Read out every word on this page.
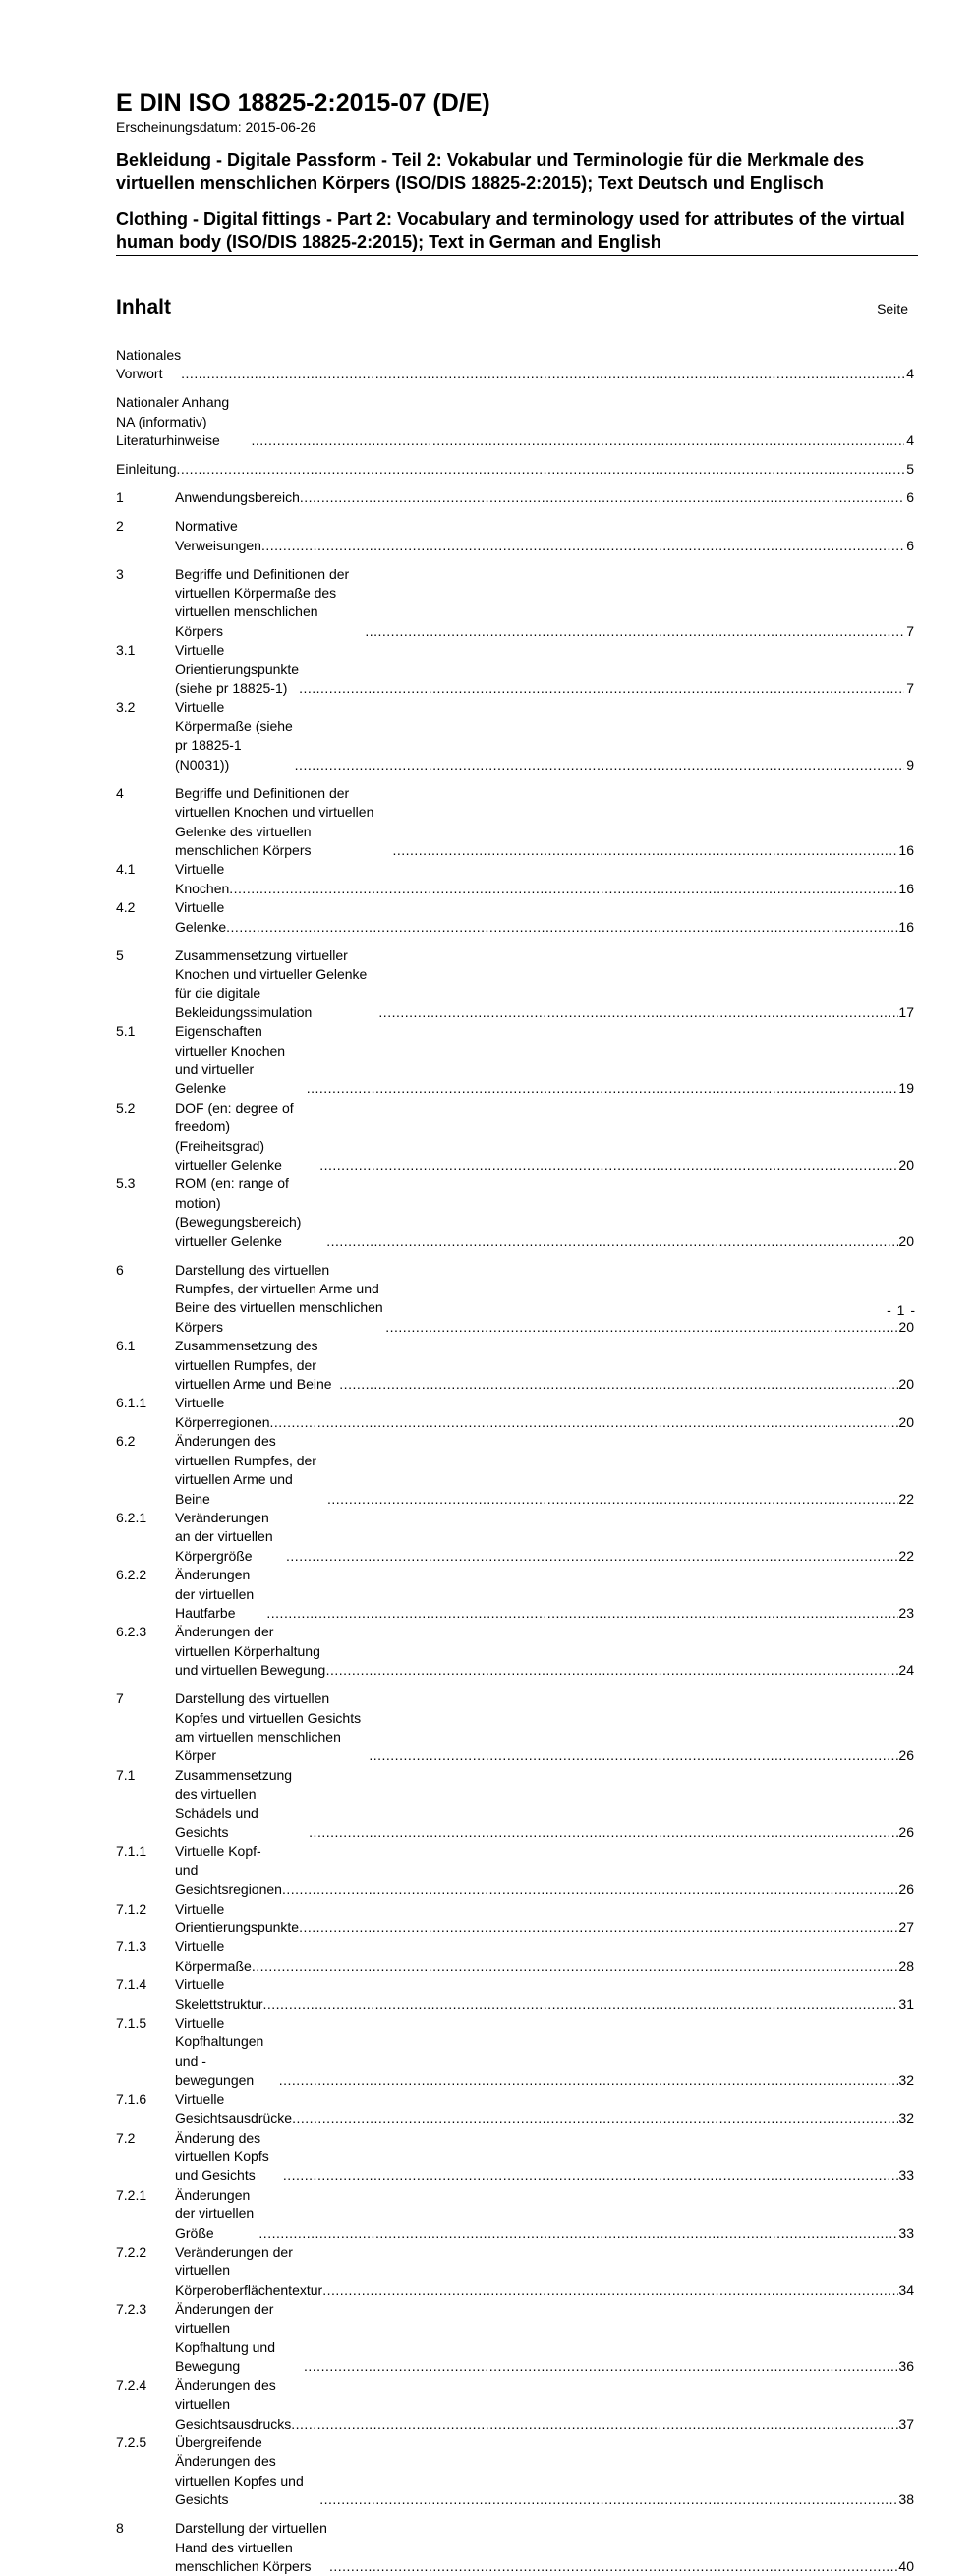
E DIN ISO 18825-2:2015-07 (D/E)

Erscheinungsdatum: 2015-06-26

Bekleidung - Digitale Passform - Teil 2: Vokabular und Terminologie für die Merkmale des virtuellen menschlichen Körpers (ISO/DIS 18825-2:2015); Text Deutsch und Englisch

Clothing - Digital fittings - Part 2: Vocabulary and terminology used for attributes of the virtual human body (ISO/DIS 18825-2:2015); Text in German and English

Inhalt	Seite
Nationales Vorwort .....	4
Nationaler Anhang NA (informativ) Literaturhinweise .....	4
Einleitung .....	5
1	Anwendungsbereich .....	6
2	Normative Verweisungen .....	6
3	Begriffe und Definitionen der virtuellen Körpermaße des virtuellen menschlichen Körpers .....	7
3.1	Virtuelle Orientierungspunkte (siehe pr 18825-1) .....	7
3.2	Virtuelle Körpermaße (siehe pr 18825-1 (N0031)) .....	9
4	Begriffe und Definitionen der virtuellen Knochen und virtuellen Gelenke des virtuellen menschlichen Körpers .....	16
4.1	Virtuelle Knochen .....	16
4.2	Virtuelle Gelenke .....	16
5	Zusammensetzung virtueller Knochen und virtueller Gelenke für die digitale Bekleidungssimulation .....	17
5.1	Eigenschaften virtueller Knochen und virtueller Gelenke .....	19
5.2	DOF (en: degree of freedom) (Freiheitsgrad) virtueller Gelenke .....	20
5.3	ROM (en: range of motion) (Bewegungsbereich) virtueller Gelenke .....	20
6	Darstellung des virtuellen Rumpfes, der virtuellen Arme und Beine des virtuellen menschlichen Körpers .....	20
6.1	Zusammensetzung des virtuellen Rumpfes, der virtuellen Arme und Beine .....	20
6.1.1	Virtuelle Körperregionen .....	20
6.2	Änderungen des virtuellen Rumpfes, der virtuellen Arme und Beine .....	22
6.2.1	Veränderungen an der virtuellen Körpergröße .....	22
6.2.2	Änderungen der virtuellen Hautfarbe .....	23
6.2.3	Änderungen der virtuellen Körperhaltung und virtuellen Bewegung .....	24
7	Darstellung des virtuellen Kopfes und virtuellen Gesichts am virtuellen menschlichen Körper .....	26
7.1	Zusammensetzung des virtuellen Schädels und Gesichts .....	26
7.1.1	Virtuelle Kopf- und Gesichtsregionen .....	26
7.1.2	Virtuelle Orientierungspunkte .....	27
7.1.3	Virtuelle Körpermaße .....	28
7.1.4	Virtuelle Skelettstruktur .....	31
7.1.5	Virtuelle Kopfhaltungen und -bewegungen .....	32
7.1.6	Virtuelle Gesichtsausdrücke .....	32
7.2	Änderung des virtuellen Kopfs und Gesichts .....	33
7.2.1	Änderungen der virtuellen Größe .....	33
7.2.2	Veränderungen der virtuellen Körperoberflächentextur .....	34
7.2.3	Änderungen der virtuellen Kopfhaltung und Bewegung .....	36
7.2.4	Änderungen des virtuellen Gesichtsausdrucks .....	37
7.2.5	Übergreifende Änderungen des virtuellen Kopfes und Gesichts .....	38
8	Darstellung der virtuellen Hand des virtuellen menschlichen Körpers .....	40
- 1 -
